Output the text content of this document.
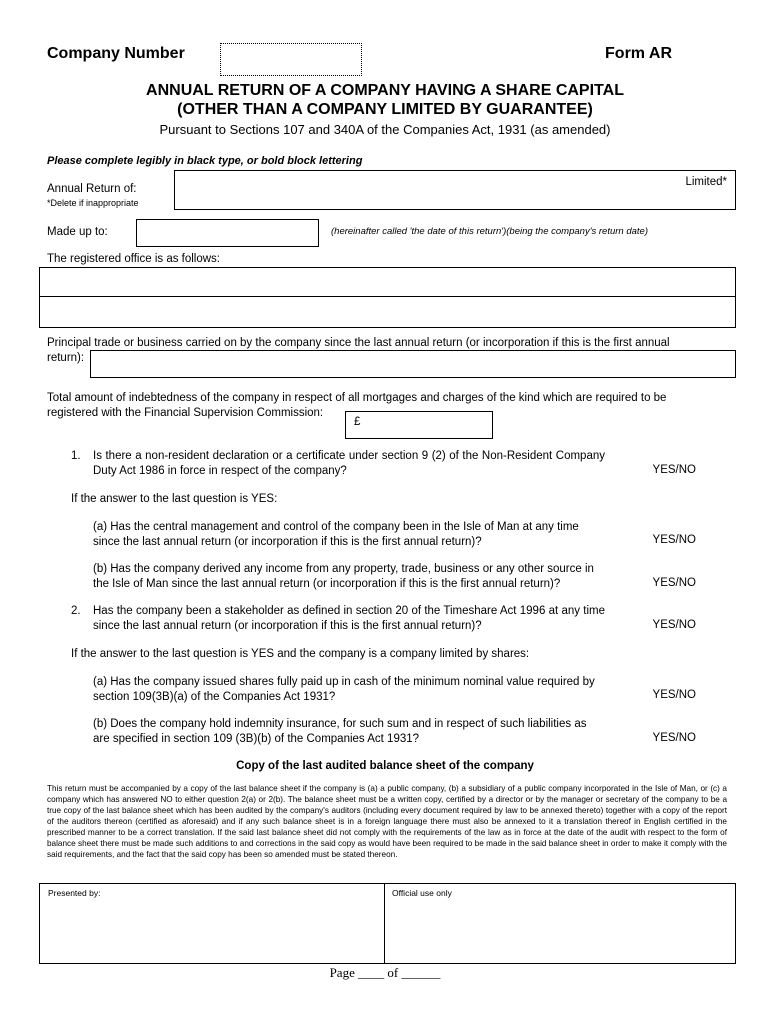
Company Number	Form AR
ANNUAL RETURN OF A COMPANY HAVING A SHARE CAPITAL
(OTHER THAN A COMPANY LIMITED BY GUARANTEE)
Pursuant to Sections 107 and 340A of the Companies Act, 1931 (as amended)
Please complete legibly in black type, or bold block lettering
Annual Return of:
*Delete if inappropriate
Limited*
Made up to:	(hereinafter called 'the date of this return')(being the company's return date)
The registered office is as follows:
Principal trade or business carried on by the company since the last annual return (or incorporation if this is the first annual return):
Total amount of indebtedness of the company in respect of all mortgages and charges of the kind which are required to be registered with the Financial Supervision Commission:
£
1. Is there a non-resident declaration or a certificate under section 9 (2) of the Non-Resident Company Duty Act 1986 in force in respect of the company?	YES/NO
If the answer to the last question is YES:
(a) Has the central management and control of the company been in the Isle of Man at any time since the last annual return (or incorporation if this is the first annual return)?	YES/NO
(b) Has the company derived any income from any property, trade, business or any other source in the Isle of Man since the last annual return (or incorporation if this is the first annual return)?	YES/NO
2. Has the company been a stakeholder as defined in section 20 of the Timeshare Act 1996 at any time since the last annual return (or incorporation if this is the first annual return)?	YES/NO
If the answer to the last question is YES and the company is a company limited by shares:
(a) Has the company issued shares fully paid up in cash of the minimum nominal value required by section 109(3B)(a) of the Companies Act 1931?	YES/NO
(b) Does the company hold indemnity insurance, for such sum and in respect of such liabilities as are specified in section 109 (3B)(b) of the Companies Act 1931?	YES/NO
Copy of the last audited balance sheet of the company
This return must be accompanied by a copy of the last balance sheet if the company is (a) a public company, (b) a subsidiary of a public company incorporated in the Isle of Man, or (c) a company which has answered NO to either question 2(a) or 2(b). The balance sheet must be a written copy, certified by a director or by the manager or secretary of the company to be a true copy of the last balance sheet which has been audited by the company's auditors (including every document required by law to be annexed thereto) together with a copy of the report of the auditors thereon (certified as aforesaid) and if any such balance sheet is in a foreign language there must also be annexed to it a translation thereof in English certified in the prescribed manner to be a correct translation. If the said last balance sheet did not comply with the requirements of the law as in force at the date of the audit with respect to the form of balance sheet there must be made such additions to and corrections in the said copy as would have been required to be made in the said balance sheet in order to make it comply with the said requirements, and the fact that the said copy has been so amended must be stated thereon.
Presented by:	Official use only
Page ____ of ______
